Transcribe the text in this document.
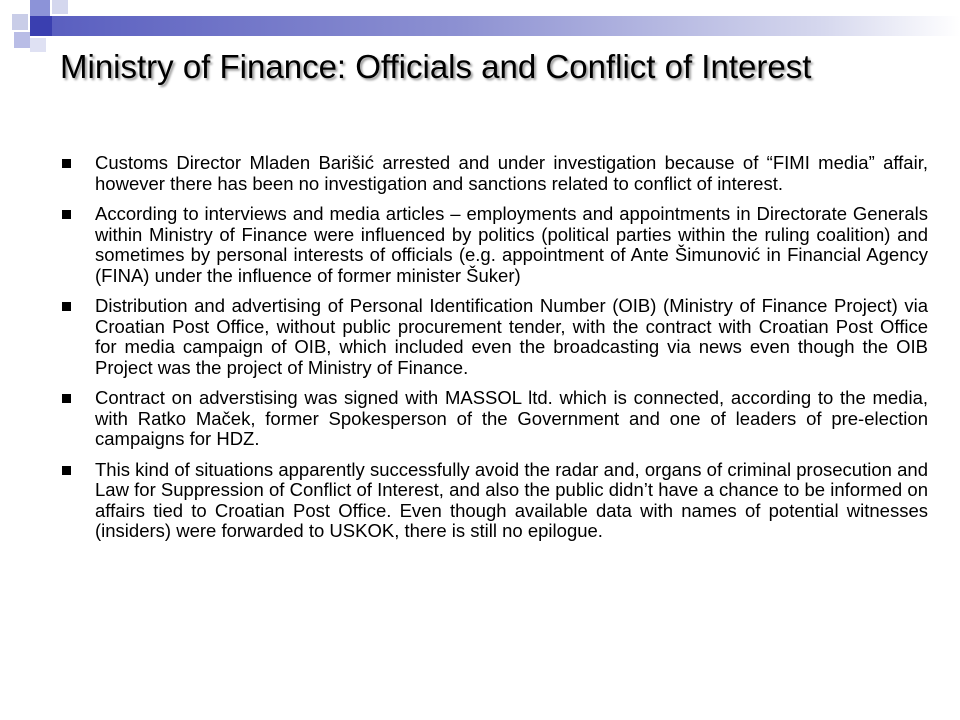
Ministry of Finance: Officials and Conflict of Interest
Customs Director Mladen Barišić arrested and under investigation because of “FIMI media” affair, however there has been no investigation and sanctions related to conflict of interest.
According to interviews and media articles – employments and appointments in Directorate Generals within Ministry of Finance were influenced by politics (political parties within the ruling coalition) and sometimes by personal interests of officials (e.g. appointment of Ante Šimunović in Financial Agency (FINA) under the influence of former minister Šuker)
Distribution and advertising of Personal Identification Number (OIB) (Ministry of Finance Project) via Croatian Post Office, without public procurement tender, with the contract with Croatian Post Office for media campaign of OIB, which included even the broadcasting via news even though the OIB Project was the project of Ministry of Finance.
Contract on adverstising was signed with MASSOL ltd. which is connected, according to the media, with Ratko Maček, former Spokesperson of the Government and one of leaders of pre-election campaigns for HDZ.
This kind of situations apparently successfully avoid the radar and, organs of criminal prosecution and Law for Suppression of Conflict of Interest, and also the public didn’t have a chance to be informed on affairs tied to Croatian Post Office. Even though available data with names of potential witnesses (insiders) were forwarded to USKOK, there is still no epilogue.
